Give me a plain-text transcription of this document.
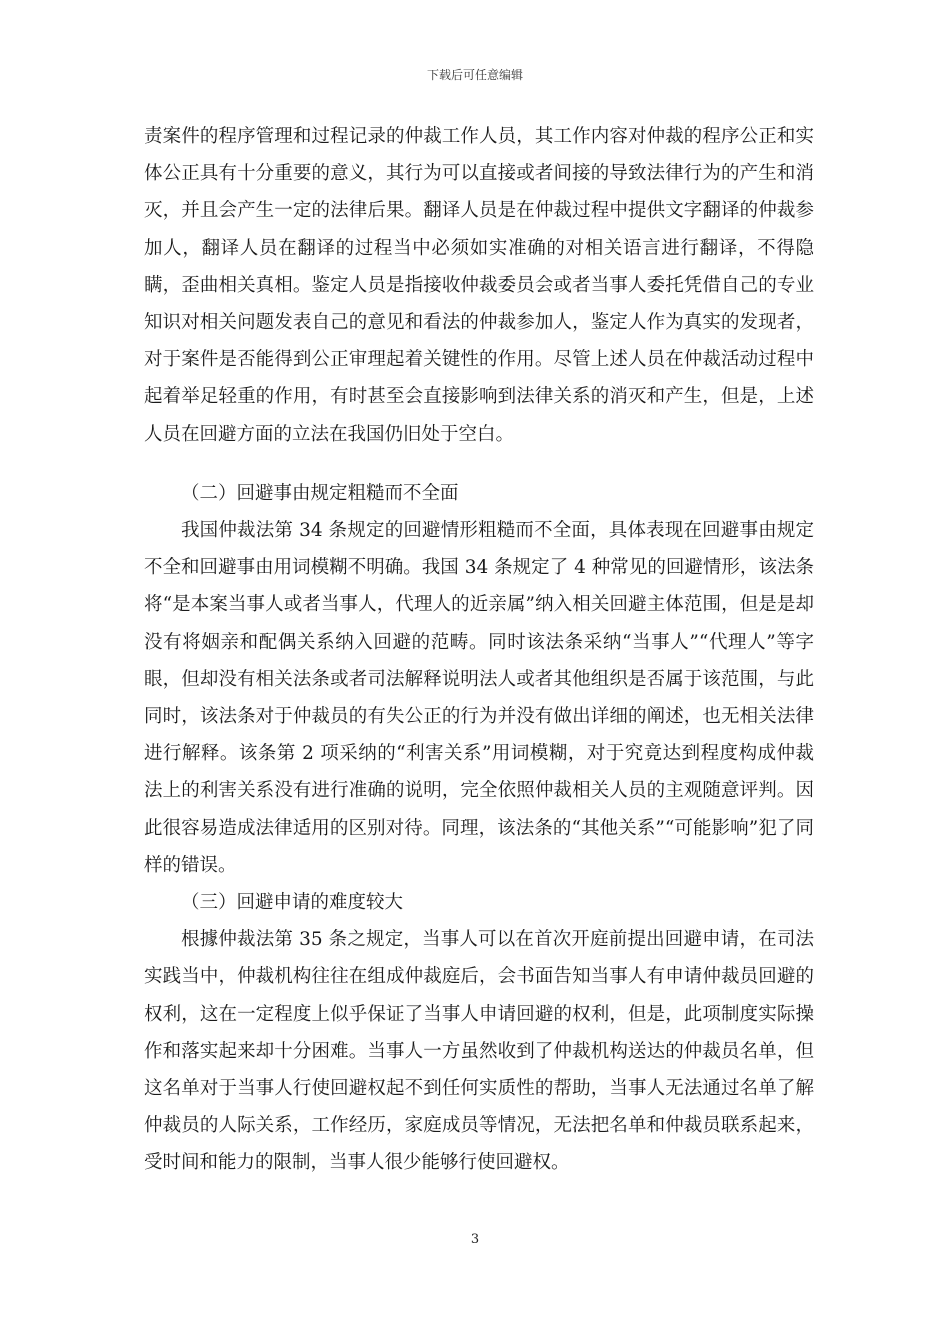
下载后可任意编辑

责案件的程序管理和过程记录的仲裁工作人员，其工作内容对仲裁的程序公正和实体公正具有十分重要的意义，其行为可以直接或者间接的导致法律行为的产生和消灭，并且会产生一定的法律后果。翻译人员是在仲裁过程中提供文字翻译的仲裁参加人，翻译人员在翻译的过程当中必须如实准确的对相关语言进行翻译，不得隐瞒，歪曲相关真相。鉴定人员是指接收仲裁委员会或者当事人委托凭借自己的专业知识对相关问题发表自己的意见和看法的仲裁参加人，鉴定人作为真实的发现者，对于案件是否能得到公正审理起着关键性的作用。尽管上述人员在仲裁活动过程中起着举足轻重的作用，有时甚至会直接影响到法律关系的消灭和产生，但是，上述人员在回避方面的立法在我国仍旧处于空白。

（二）回避事由规定粗糙而不全面

我国仲裁法第 34 条规定的回避情形粗糙而不全面，具体表现在回避事由规定不全和回避事由用词模糊不明确。我国 34 条规定了 4 种常见的回避情形，该法条将“是本案当事人或者当事人，代理人的近亲属”纳入相关回避主体范围，但是是却没有将姻亲和配偶关系纳入回避的范畴。同时该法条采纳“当事人”“代理人”等字眼，但却没有相关法条或者司法解释说明法人或者其他组织是否属于该范围，与此同时，该法条对于仲裁员的有失公正的行为并没有做出详细的阐述，也无相关法律进行解释。该条第 2 项采纳的“利害关系”用词模糊，对于究竟达到程度构成仲裁法上的利害关系没有进行准确的说明，完全依照仲裁相关人员的主观随意评判。因此很容易造成法律适用的区别对待。同理，该法条的“其他关系”“可能影响”犯了同样的错误。

（三）回避申请的难度较大

根據仲裁法第 35 条之规定，当事人可以在首次开庭前提出回避申请，在司法实践当中，仲裁机构往往在组成仲裁庭后，会书面告知当事人有申请仲裁员回避的权利，这在一定程度上似乎保证了当事人申请回避的权利，但是，此项制度实际操作和落实起来却十分困难。当事人一方虽然收到了仲裁机构送达的仲裁员名单，但这名单对于当事人行使回避权起不到任何实质性的帮助，当事人无法通过名单了解仲裁员的人际关系，工作经历，家庭成员等情况，无法把名单和仲裁员联系起来，受时间和能力的限制，当事人很少能够行使回避权。

3
